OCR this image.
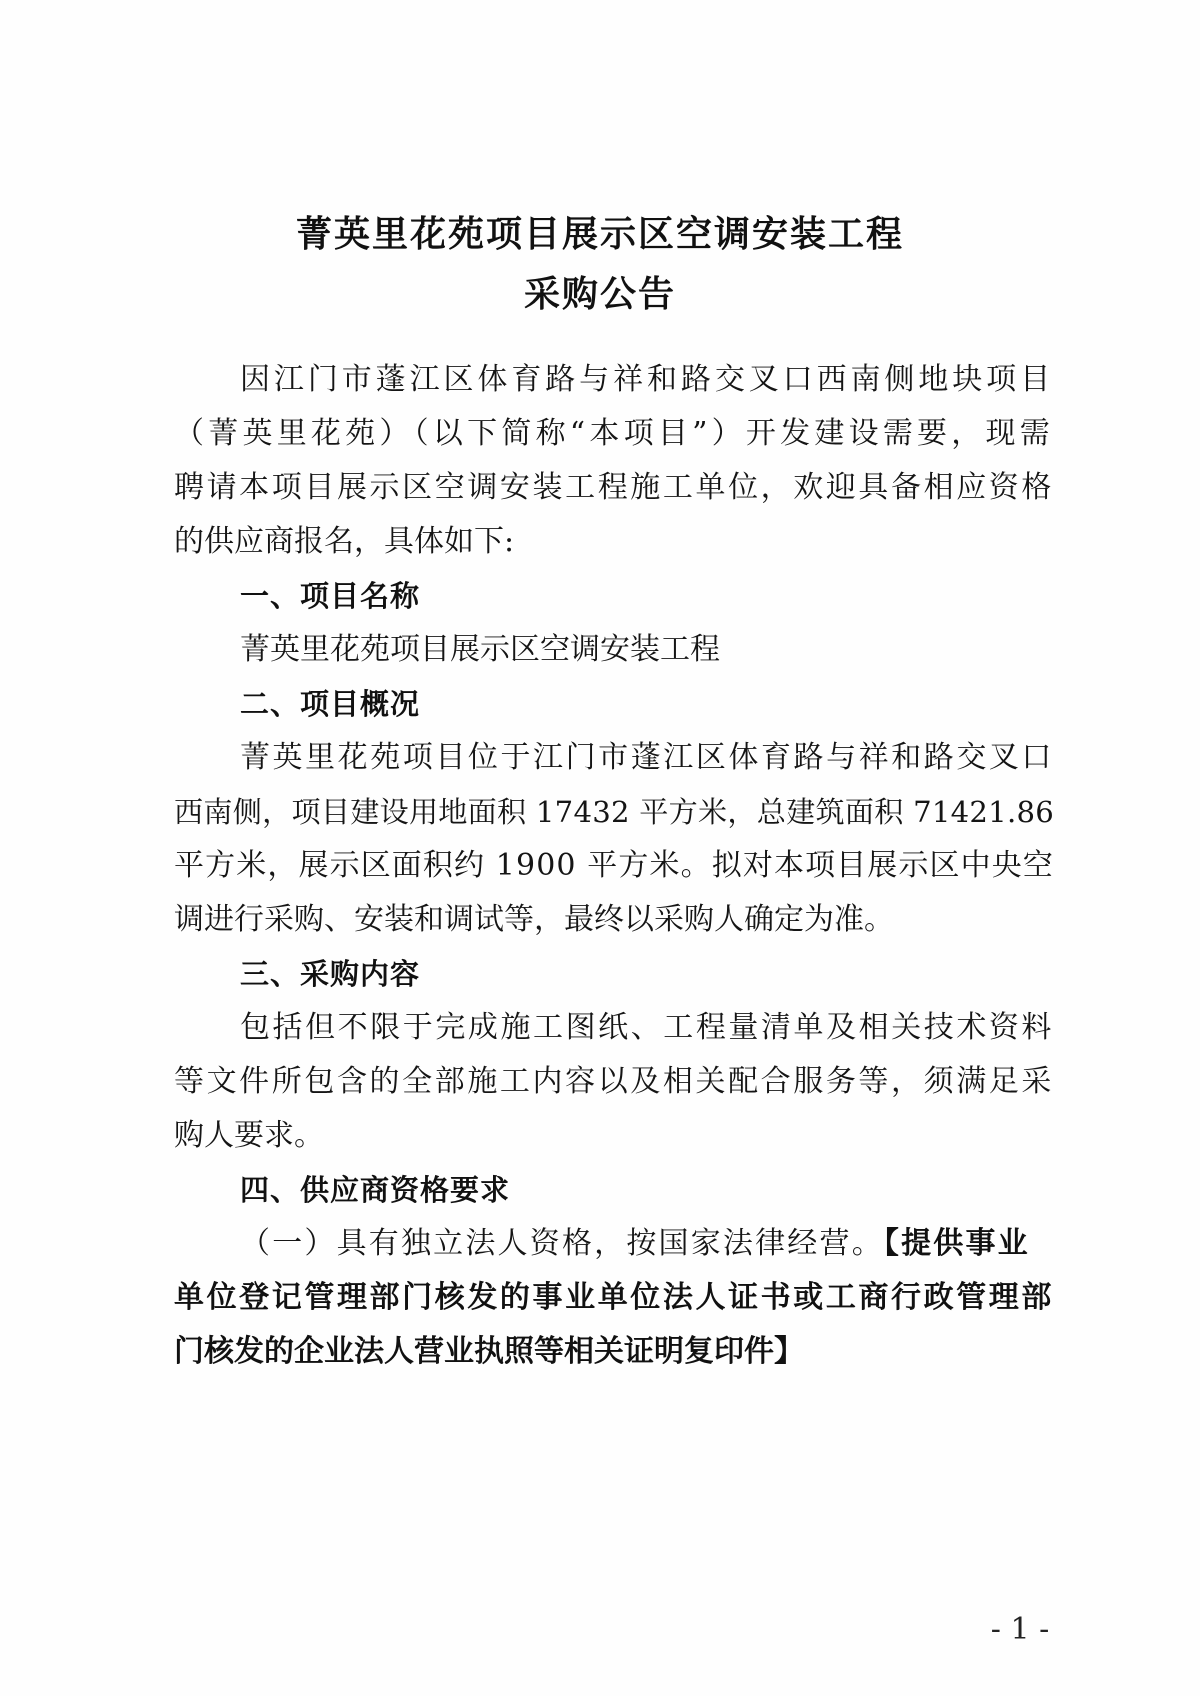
菁英里花苑项目展示区空调安装工程
采购公告
因江门市蓬江区体育路与祥和路交叉口西南侧地块项目
（菁英里花苑）（以下简称“本项目”）开发建设需要，现需
聘请本项目展示区空调安装工程施工单位，欢迎具备相应资格
的供应商报名，具体如下:
一、项目名称
菁英里花苑项目展示区空调安装工程
二、项目概况
菁英里花苑项目位于江门市蓬江区体育路与祥和路交叉口
西南侧，项目建设用地面积 17432 平方米，总建筑面积 71421.86
平方米，展示区面积约 1900 平方米。拟对本项目展示区中央空
调进行采购、安装和调试等，最终以采购人确定为准。
三、采购内容
包括但不限于完成施工图纸、工程量清单及相关技术资料
等文件所包含的全部施工内容以及相关配合服务等，须满足采
购人要求。
四、供应商资格要求
（一）具有独立法人资格，按国家法律经营。【提供事业
单位登记管理部门核发的事业单位法人证书或工商行政管理部
门核发的企业法人营业执照等相关证明复印件】
- 1 -
